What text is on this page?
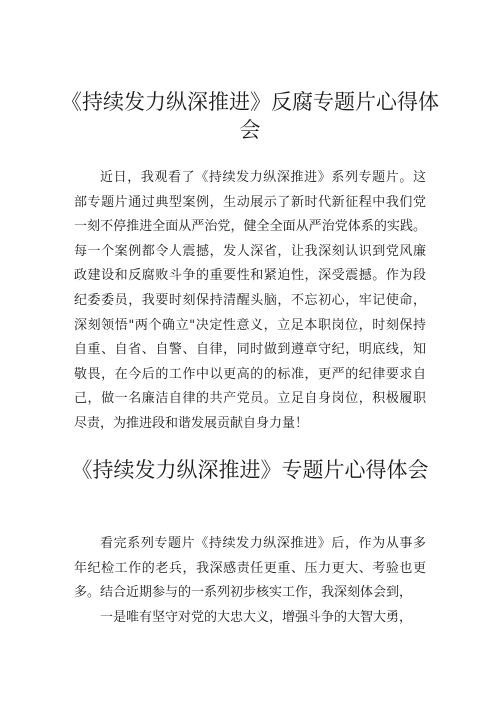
《持续发力纵深推进》反腐专题片心得体会

近日，我观看了《持续发力纵深推进》系列专题片。这 部专题片通过典型案例，生动展示了新时代新征程中我们党 一刻不停推进全面从严治党，健全全面从严治党体系的实践。 每一个案例都令人震撼，发人深省，让我深刻认识到党风廉 政建设和反腐败斗争的重要性和紧迫性，深受震撼。作为段 纪委委员，我要时刻保持清醒头脑，不忘初心，牢记使命， 深刻领悟"两个确立"决定性意义，立足本职岗位，时刻保持 自重、自省、自警、自律，同时做到遵章守纪，明底线，知 敬畏，在今后的工作中以更高的的标准，更严的纪律要求自 己，做一名廉洁自律的共产党员。立足自身岗位，积极履职 尽责，为推进段和谐发展贡献自身力量！

《持续发力纵深推进》专题片心得体会

看完系列专题片《持续发力纵深推进》后，作为从事多 年纪检工作的老兵，我深感责任更重、压力更大、考验也更 多。结合近期参与的一系列初步核实工作，我深刻体会到，

一是唯有坚守对党的大忠大义，增强斗争的大智大勇，
